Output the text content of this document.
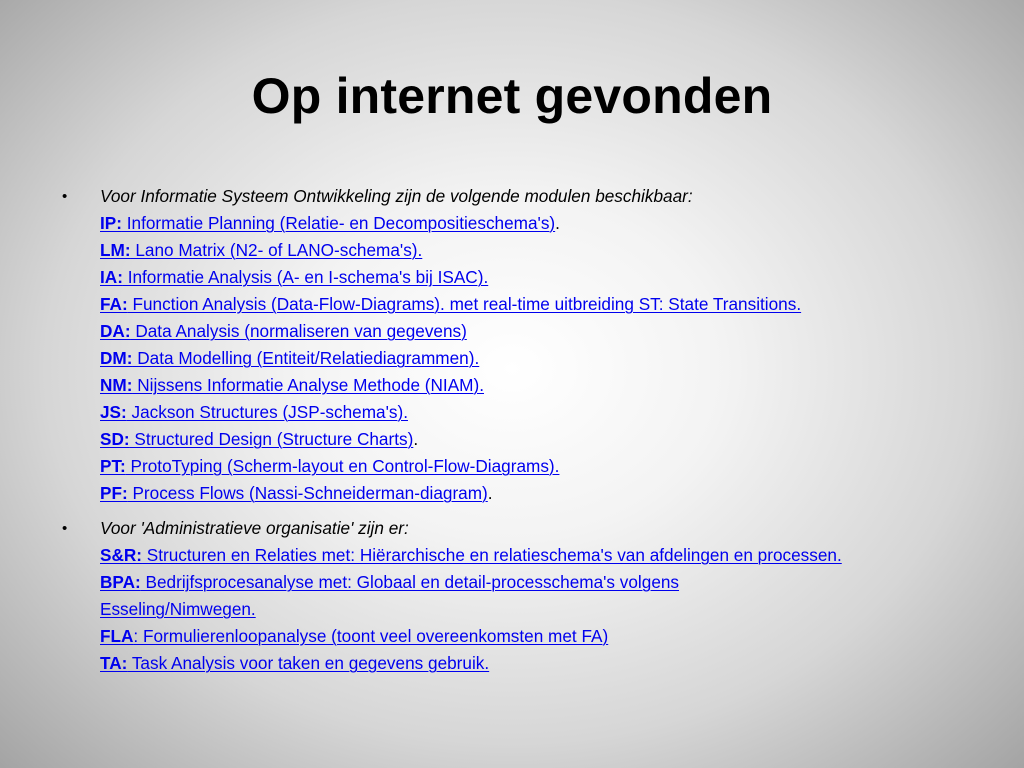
Op internet gevonden
• Voor Informatie Systeem Ontwikkeling zijn de volgende modulen beschikbaar:
IP: Informatie Planning (Relatie- en Decompositieschema's).
LM: Lano Matrix (N2- of LANO-schema's).
IA: Informatie Analysis (A- en I-schema's bij ISAC).
FA: Function Analysis (Data-Flow-Diagrams). met real-time uitbreiding ST: State Transitions.
DA: Data Analysis (normaliseren van gegevens)
DM: Data Modelling (Entiteit/Relatiediagrammen).
NM: Nijssens Informatie Analyse Methode (NIAM).
JS: Jackson Structures (JSP-schema's).
SD: Structured Design (Structure Charts).
PT: ProtoTyping (Scherm-layout en Control-Flow-Diagrams).
PF: Process Flows (Nassi-Schneiderman-diagram).
• Voor 'Administratieve organisatie' zijn er:
S&R: Structuren en Relaties met: Hiërarchische en relatieschema's van afdelingen en processen.
BPA: Bedrijfsprocesanalyse met: Globaal en detail-processchema's volgens Esseling/Nimwegen.
FLA: Formulierenloopanalyse (toont veel overeenkomsten met FA)
TA: Task Analysis voor taken en gegevens gebruik.
